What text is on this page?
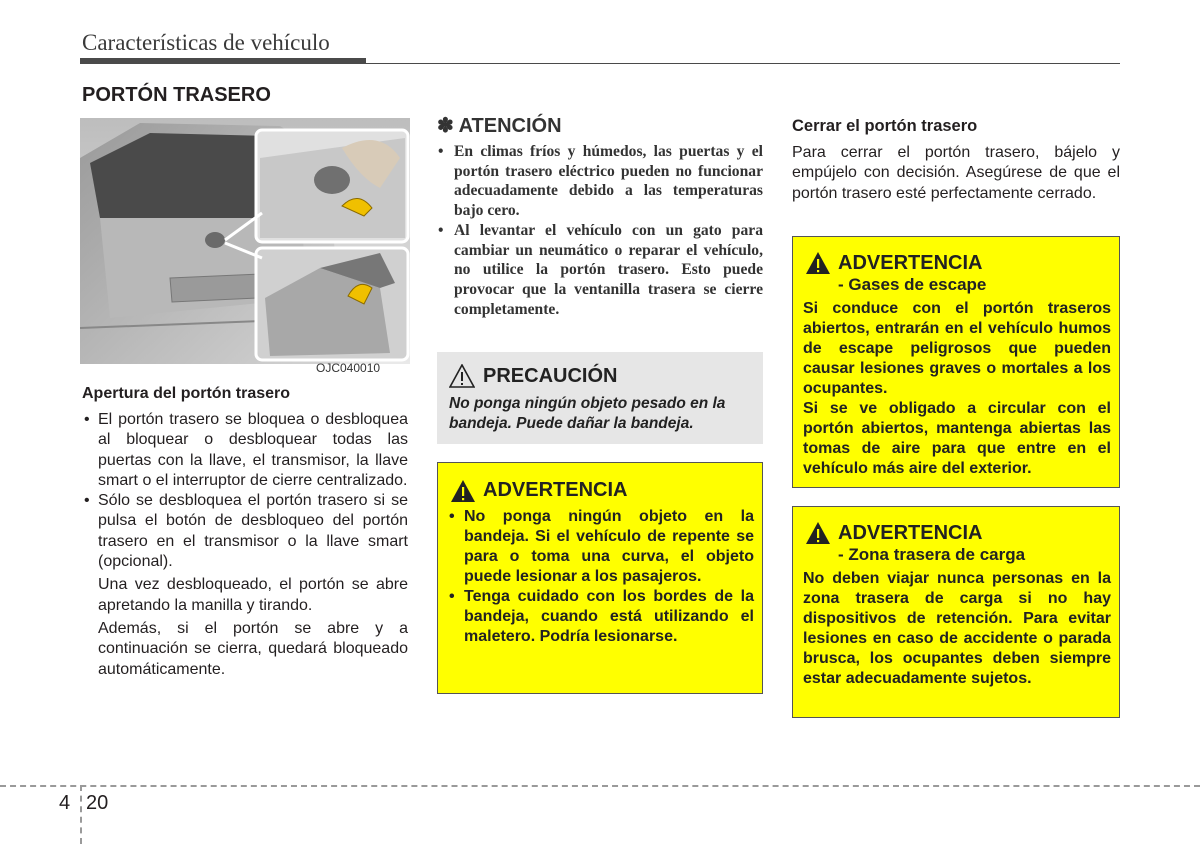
Características de vehículo
PORTÓN TRASERO
OJC040010
Apertura del portón trasero
• El portón trasero se bloquea o desbloquea al bloquear o desbloquear todas las puertas con la llave, el transmisor, la llave smart o el interruptor de cierre centralizado.
• Sólo se desbloquea el portón trasero si se pulsa el botón de desbloqueo del portón trasero en el transmisor o la llave smart (opcional).
Una vez desbloqueado, el portón se abre apretando la manilla y tirando.
Además, si el portón se abre y a continuación se cierra, quedará bloqueado automáticamente.
✽ ATENCIÓN
• En climas fríos y húmedos, las puertas y el portón trasero eléctrico pueden no funcionar adecuadamente debido a las temperaturas bajo cero.
• Al levantar el vehículo con un gato para cambiar un neumático o reparar el vehículo, no utilice la portón trasero. Esto puede provocar que la ventanilla trasera se cierre completamente.
PRECAUCIÓN
No ponga ningún objeto pesado en la bandeja. Puede dañar la bandeja.
ADVERTENCIA
• No ponga ningún objeto en la bandeja. Si el vehículo de repente se para o toma una curva, el objeto puede lesionar a los pasajeros.
• Tenga cuidado con los bordes de la bandeja, cuando está utilizando el maletero. Podría lesionarse.
Cerrar el portón trasero
Para cerrar el portón trasero, bájelo y empújelo con decisión. Asegúrese de que el portón trasero esté perfectamente cerrado.
ADVERTENCIA
- Gases de escape
Si conduce con el portón traseros abiertos, entrarán en el vehículo humos de escape peligrosos que pueden causar lesiones graves o mortales a los ocupantes.
Si se ve obligado a circular con el portón abiertos, mantenga abiertas las tomas de aire para que entre en el vehículo más aire del exterior.
ADVERTENCIA
- Zona trasera de carga
No deben viajar nunca personas en la zona trasera de carga si no hay dispositivos de retención. Para evitar lesiones en caso de accidente o parada brusca, los ocupantes deben siempre estar adecuadamente sujetos.
4 20
